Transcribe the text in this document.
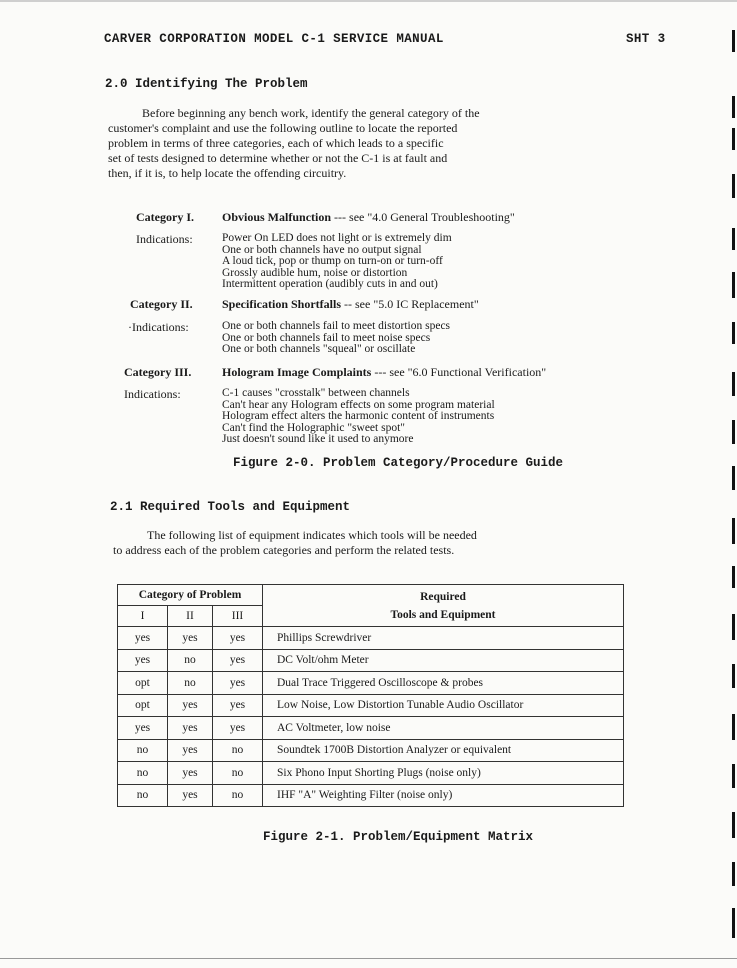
CARVER CORPORATION MODEL C-1 SERVICE MANUAL	SHT 3
2.0 Identifying The Problem
Before beginning any bench work, identify the general category of the
customer's complaint and use the following outline to locate the reported
problem in terms of three categories, each of which leads to a specific
set of tests designed to determine whether or not the C-1 is at fault and
then, if it is, to help locate the offending circuitry.
Category I. Obvious Malfunction --- see "4.0 General Troubleshooting"
Indications:	Power On LED does not light or is extremely dim
One or both channels have no output signal
A loud tick, pop or thump on turn-on or turn-off
Grossly audible hum, noise or distortion
Intermittent operation (audibly cuts in and out)
Category II. Specification Shortfalls -- see "5.0 IC Replacement"
·Indications:	One or both channels fail to meet distortion specs
One or both channels fail to meet noise specs
One or both channels "squeal" or oscillate
Category III.	Hologram Image Complaints --- see "6.0 Functional Verification"
Indications:	C-1 causes "crosstalk" between channels
Can't hear any Hologram effects on some program material
Hologram effect alters the harmonic content of instruments
Can't find the Holographic "sweet spot"
Just doesn't sound like it used to anymore
Figure 2-0. Problem Category/Procedure Guide
2.1 Required Tools and Equipment
The following list of equipment indicates which tools will be needed
to address each of the problem categories and perform the related tests.
Category of Problem			Required
Tools and Equipment

I	II	III	
yes	yes	yes	Phillips Screwdriver
yes	no	yes	DC Volt/ohm Meter
opt	no	yes	Dual Trace Triggered Oscilloscope & probes
opt	yes	yes	Low Noise, Low Distortion Tunable Audio Oscillator
yes	yes	yes	AC Voltmeter, low noise
no	yes	no	Soundtek 1700B Distortion Analyzer or equivalent
no	yes	no	Six Phono Input Shorting Plugs (noise only)
no	yes	no	IHF "A" Weighting Filter (noise only)
Figure 2-1. Problem/Equipment Matrix
